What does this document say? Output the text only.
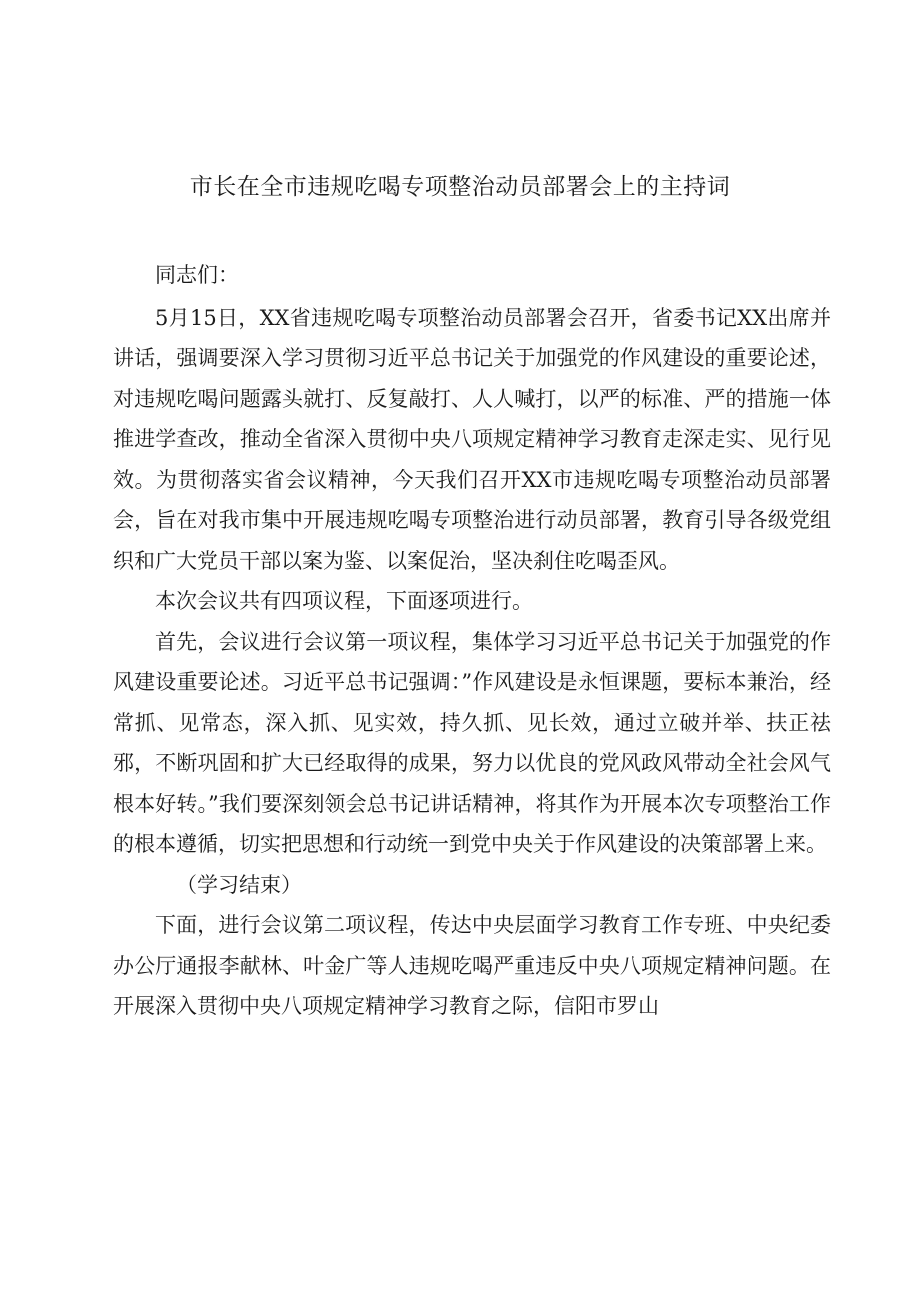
市长在全市违规吃喝专项整治动员部署会上的主持词

同志们：

5月15日，XX省违规吃喝专项整治动员部署会召开，省委书记XX出席并讲话，强调要深入学习贯彻习近平总书记关于加强党的作风建设的重要论述，对违规吃喝问题露头就打、反复敲打、人人喊打，以严的标准、严的措施一体推进学查改，推动全省深入贯彻中央八项规定精神学习教育走深走实、见行见效。为贯彻落实省会议精神，今天我们召开XX市违规吃喝专项整治动员部署会，旨在对我市集中开展违规吃喝专项整治进行动员部署，教育引导各级党组织和广大党员干部以案为鉴、以案促治，坚决刹住吃喝歪风。

本次会议共有四项议程，下面逐项进行。

首先，会议进行会议第一项议程，集体学习习近平总书记关于加强党的作风建设重要论述。习近平总书记强调：”作风建设是永恒课题，要标本兼治，经常抓、见常态，深入抓、见实效，持久抓、见长效，通过立破并举、扶正祛邪，不断巩固和扩大已经取得的成果，努力以优良的党风政风带动全社会风气根本好转。”我们要深刻领会总书记讲话精神，将其作为开展本次专项整治工作的根本遵循，切实把思想和行动统一到党中央关于作风建设的决策部署上来。

（学习结束）

下面，进行会议第二项议程，传达中央层面学习教育工作专班、中央纪委办公厅通报李献林、叶金广等人违规吃喝严重违反中央八项规定精神问题。在开展深入贯彻中央八项规定精神学习教育之际，信阳市罗山
